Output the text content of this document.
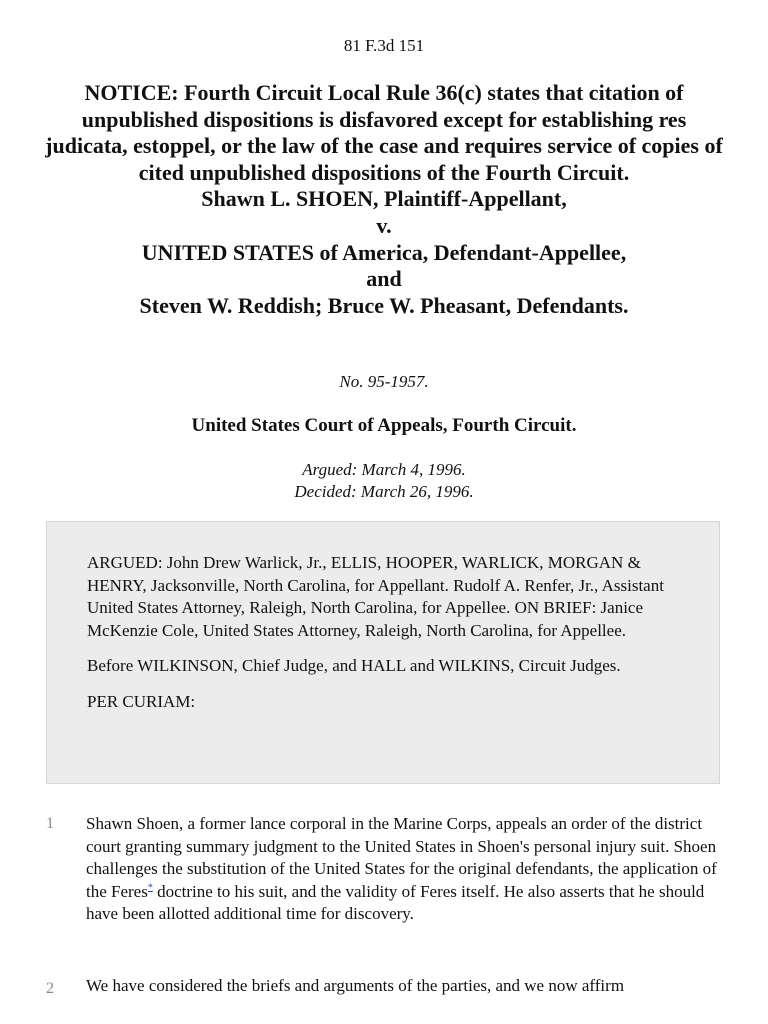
81 F.3d 151
NOTICE: Fourth Circuit Local Rule 36(c) states that citation of unpublished dispositions is disfavored except for establishing res judicata, estoppel, or the law of the case and requires service of copies of cited unpublished dispositions of the Fourth Circuit.
Shawn L. SHOEN, Plaintiff-Appellant,
v.
UNITED STATES of America, Defendant-Appellee,
and
Steven W. Reddish; Bruce W. Pheasant, Defendants.
No. 95-1957.
United States Court of Appeals, Fourth Circuit.
Argued: March 4, 1996.
Decided: March 26, 1996.

ARGUED: John Drew Warlick, Jr., ELLIS, HOOPER, WARLICK, MORGAN & HENRY, Jacksonville, North Carolina, for Appellant. Rudolf A. Renfer, Jr., Assistant United States Attorney, Raleigh, North Carolina, for Appellee. ON BRIEF: Janice McKenzie Cole, United States Attorney, Raleigh, North Carolina, for Appellee.

Before WILKINSON, Chief Judge, and HALL and WILKINS, Circuit Judges.

PER CURIAM:

1 Shawn Shoen, a former lance corporal in the Marine Corps, appeals an order of the district court granting summary judgment to the United States in Shoen's personal injury suit. Shoen challenges the substitution of the United States for the original defendants, the application of the Feres* doctrine to his suit, and the validity of Feres itself. He also asserts that he should have been allotted additional time for discovery.
2 We have considered the briefs and arguments of the parties, and we now affirm
